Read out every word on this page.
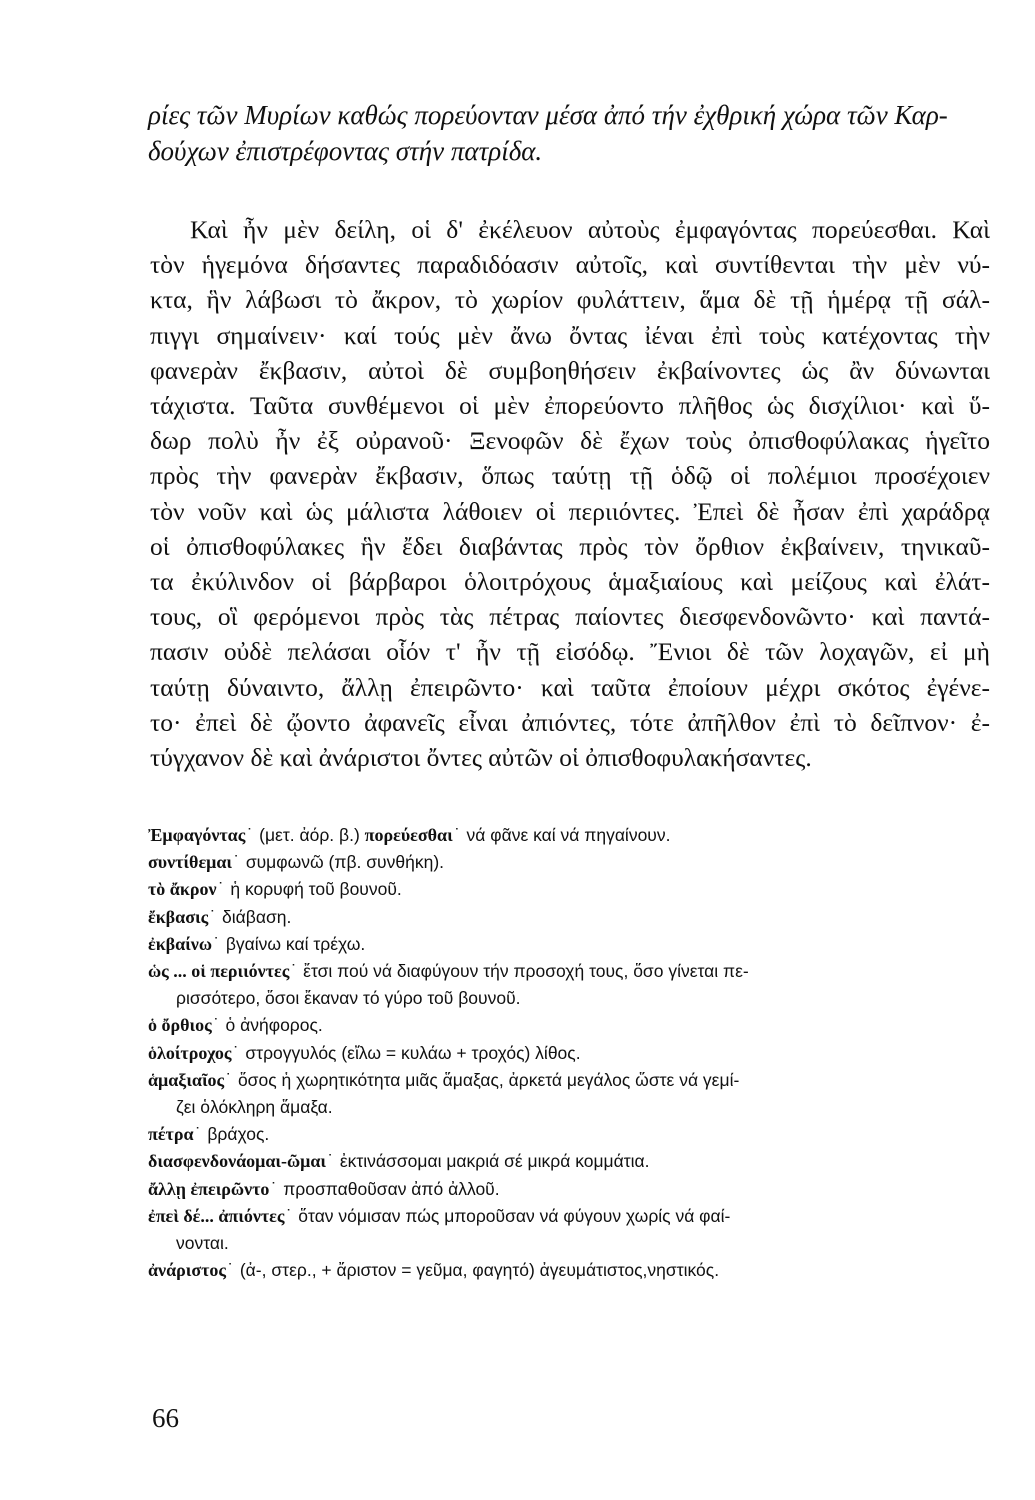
ρίες τῶν Μυρίων καθώς πορεύονταν μέσα ἀπό τήν ἐχθρική χώρα τῶν Καρ-

δούχων ἐπιστρέφοντας στήν πατρίδα.

Καὶ ἦν μὲν δείλη, οἱ δ' ἐκέλευον αὐτοὺς ἐμφαγόντας πορεύεσθαι. Καὶ
τὸν ἡγεμόνα δήσαντες παραδιδόασιν αὐτοῖς, καὶ συντίθενται τὴν μὲν νύ-
κτα, ἣν λάβωσι τὸ ἄκρον, τὸ χωρίον φυλάττειν, ἅμα δὲ τῇ ἡμέρᾳ τῇ σάλ-
πιγγι σημαίνειν· καί τούς μὲν ἄνω ὄντας ἰέναι ἐπὶ τοὺς κατέχοντας τὴν
φανερὰν ἔκβασιν, αὐτοὶ δὲ συμβοηθήσειν ἐκβαίνοντες ὡς ἂν δύνωνται
τάχιστα. Ταῦτα συνθέμενοι οἱ μὲν ἐπορεύοντο πλῆθος ὡς δισχίλιοι· καὶ ὕ-
δωρ πολὺ ἦν ἐξ οὐρανοῦ· Ξενοφῶν δὲ ἔχων τοὺς ὀπισθοφύλακας ἡγεῖτο
πρὸς τὴν φανερὰν ἔκβασιν, ὅπως ταύτῃ τῇ ὁδῷ οἱ πολέμιοι προσέχοιεν
τὸν νοῦν καὶ ὡς μάλιστα λάθοιεν οἱ περιιόντες. Ἐπεὶ δὲ ἦσαν ἐπὶ χαράδρᾳ
οἱ ὀπισθοφύλακες ἣν ἔδει διαβάντας πρὸς τὸν ὄρθιον ἐκβαίνειν, τηνικαῦ-
τα ἐκύλινδον οἱ βάρβαροι ὁλοιτρόχους ἁμαξιαίους καὶ μείζους καὶ ἐλάτ-
τους, οἳ φερόμενοι πρὸς τὰς πέτρας παίοντες διεσφενδονῶντο· καὶ παντά-
πασιν οὐδὲ πελάσαι οἷόν τ' ἦν τῇ εἰσόδῳ. Ἔνιοι δὲ τῶν λοχαγῶν, εἰ μὴ
ταύτῃ δύναιντο, ἄλλῃ ἐπειρῶντο· καὶ ταῦτα ἐποίουν μέχρι σκότος ἐγένε-
το· ἐπεὶ δὲ ᾤοντο ἀφανεῖς εἶναι ἀπιόντες, τότε ἀπῆλθον ἐπὶ τὸ δεῖπνον· ἐ-
τύγχανον δὲ καὶ ἀνάριστοι ὄντες αὐτῶν οἱ ὀπισθοφυλακήσαντες.
Ἐμφαγόντας ˙ (μετ. ἀόρ. β.) πορεύεσθαι ˙ νά φᾶνε καί νά πηγαίνουν.
συντίθεμαι ˙ συμφωνῶ (πβ. συνθήκη).
τὸ ἄκρον ˙ ἡ κορυφή τοῦ βουνοῦ.
ἔκβασις ˙ διάβαση.
ἐκβαίνω ˙ βγαίνω καί τρέχω.
ὡς ... οἱ περιιόντες ˙ ἔτσι πού νά διαφύγουν τήν προσοχή τους, ὅσο γίνεται πε-
ρισσότερο, ὅσοι ἔκαναν τό γύρο τοῦ βουνοῦ.
ὁ ὄρθιος ˙ ὁ ἀνήφορος.
ὁλοίτροχος ˙ στρογγυλός (εἴλω = κυλάω + τροχός) λίθος.
ἁμαξιαῖος ˙ ὅσος ἡ χωρητικότητα μιᾶς ἅμαξας, ἀρκετά μεγάλος ὥστε νά γεμί-
ζει ὁλόκληρη ἅμαξα.
πέτρα ˙ βράχος.
διασφενδονάομαι-ῶμαι ˙ ἐκτινάσσομαι μακριά σέ μικρά κομμάτια.
ἄλλῃ ἐπειρῶντο ˙ προσπαθοῦσαν ἀπό ἀλλοῦ.
ἐπεὶ δέ... ἀπιόντες ˙ ὅταν νόμισαν πώς μποροῦσαν νά φύγουν χωρίς νά φαί-
νονται.
ἀνάριστος ˙ (ἀ-, στερ., + ἄριστον = γεῦμα, φαγητό) ἀγευμάτιστος,νηστικός.
66
